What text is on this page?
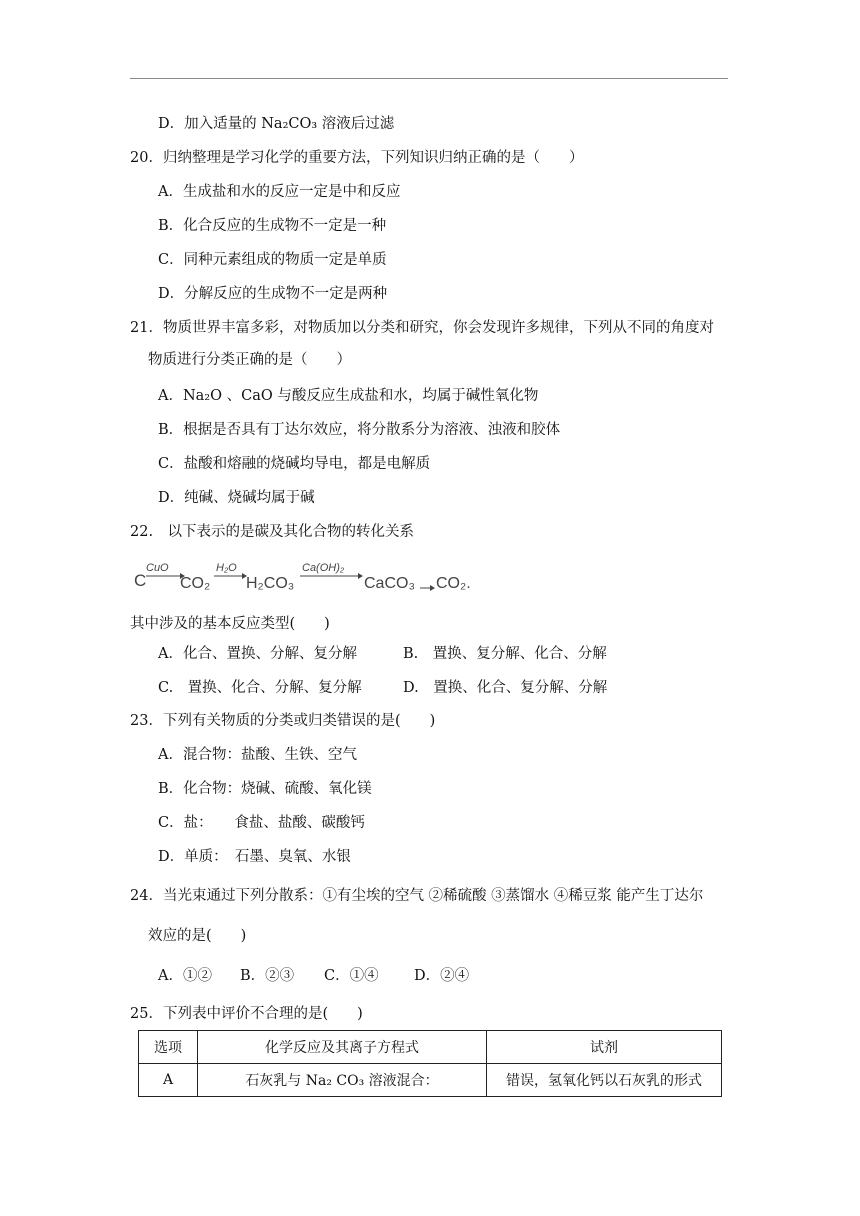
D．加入适量的 Na₂CO₃ 溶液后过滤
20．归纳整理是学习化学的重要方法，下列知识归纳正确的是（　　）
A．生成盐和水的反应一定是中和反应
B．化合反应的生成物不一定是一种
C．同种元素组成的物质一定是单质
D．分解反应的生成物不一定是两种
21．物质世界丰富多彩，对物质加以分类和研究，你会发现许多规律，下列从不同的角度对
物质进行分类正确的是（　　）
A．Na₂O 、CaO 与酸反应生成盐和水，均属于碱性氧化物
B．根据是否具有丁达尔效应，将分散系分为溶液、浊液和胶体
C．盐酸和熔融的烧碱均导电，都是电解质
D．纯碱、烧碱均属于碱
22.　以下表示的是碳及其化合物的转化关系
C
CuO
CO₂
H₂O
H₂CO₃
Ca(OH)₂
CaCO₃ CO₂.
其中涉及的基本反应类型(　　)
A．化合、置换、分解、复分解	B.　置换、复分解、化合、分解
C.　置换、化合、分解、复分解	D.　置换、化合、复分解、分解
23．下列有关物质的分类或归类错误的是(　　)
A．混合物：盐酸、生铁、空气
B．化合物：烧碱、硫酸、氧化镁
C．盐：　　食盐、盐酸、碳酸钙
D．单质：　石墨、臭氧、水银
24．当光束通过下列分散系：①有尘埃的空气 ②稀硫酸 ③蒸馏水 ④稀豆浆 能产生丁达尔
效应的是(　　)
A．①② B．②③ C．①④ D．②④
25．下列表中评价不合理的是(　　)
选项	化学反应及其离子方程式	试剂
A	石灰乳与 Na₂ CO₃ 溶液混合：	错误，氢氧化钙以石灰乳的形式
